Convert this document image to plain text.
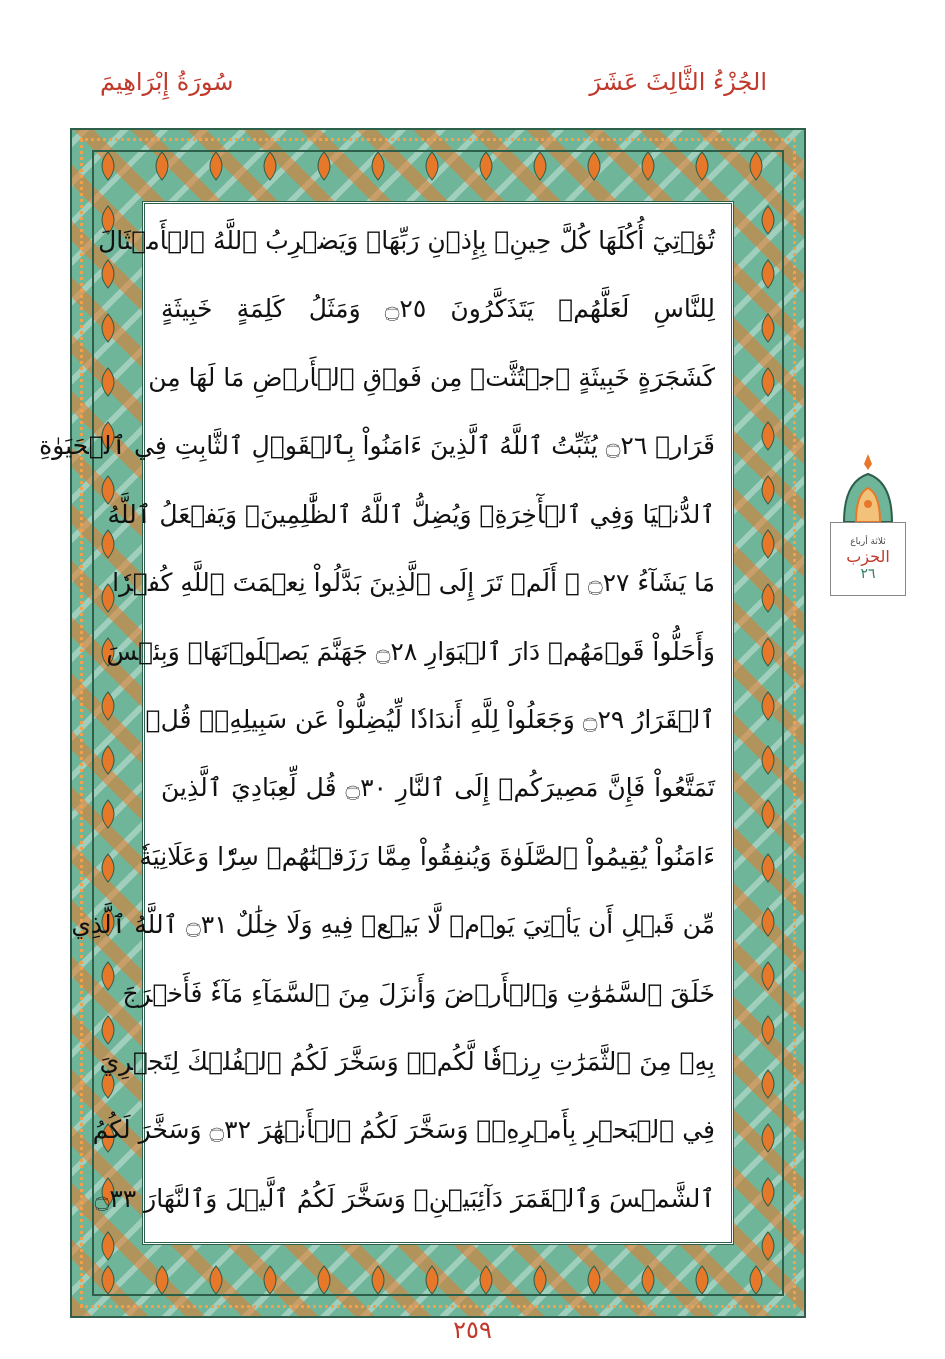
الجُزْءُ الثَّالِثَ عَشَرَ
سُورَةُ إِبْرَاهِيمَ
تُؤۡتِيٓ أُكُلَهَا كُلَّ حِينِۭ بِإِذۡنِ رَبِّهَاۗ وَيَضۡرِبُ ٱللَّهُ ٱلۡأَمۡثَالَ
لِلنَّاسِ لَعَلَّهُمۡ يَتَذَكَّرُونَ ۝٢٥ وَمَثَلُ كَلِمَةٍ خَبِيثَةٍ
كَشَجَرَةٍ خَبِيثَةٍ ٱجۡتُثَّتۡ مِن فَوۡقِ ٱلۡأَرۡضِ مَا لَهَا مِن
قَرَارٖ ۝٢٦ يُثَبِّتُ ٱللَّهُ ٱلَّذِينَ ءَامَنُواْ بِٱلۡقَوۡلِ ٱلثَّابِتِ فِي ٱلۡحَيَوٰةِ
ٱلدُّنۡيَا وَفِي ٱلۡأٓخِرَةِۖ وَيُضِلُّ ٱللَّهُ ٱلظَّٰلِمِينَۚ وَيَفۡعَلُ ٱللَّهُ
مَا يَشَآءُ ۝٢٧ ۞ أَلَمۡ تَرَ إِلَى ٱلَّذِينَ بَدَّلُواْ نِعۡمَتَ ٱللَّهِ كُفۡرٗا
وَأَحَلُّواْ قَوۡمَهُمۡ دَارَ ٱلۡبَوَارِ ۝٢٨ جَهَنَّمَ يَصۡلَوۡنَهَاۖ وَبِئۡسَ
ٱلۡقَرَارُ ۝٢٩ وَجَعَلُواْ لِلَّهِ أَندَادٗا لِّيُضِلُّواْ عَن سَبِيلِهِۦۗ قُلۡ
تَمَتَّعُواْ فَإِنَّ مَصِيرَكُمۡ إِلَى ٱلنَّارِ ۝٣٠ قُل لِّعِبَادِيَ ٱلَّذِينَ
ءَامَنُواْ يُقِيمُواْ ٱلصَّلَوٰةَ وَيُنفِقُواْ مِمَّا رَزَقۡنَٰهُمۡ سِرّٗا وَعَلَانِيَةٗ
مِّن قَبۡلِ أَن يَأۡتِيَ يَوۡمٞ لَّا بَيۡعٞ فِيهِ وَلَا خِلَٰلٌ ۝٣١ ٱللَّهُ ٱلَّذِي
خَلَقَ ٱلسَّمَٰوَٰتِ وَٱلۡأَرۡضَ وَأَنزَلَ مِنَ ٱلسَّمَآءِ مَآءٗ فَأَخۡرَجَ
بِهِۦ مِنَ ٱلثَّمَرَٰتِ رِزۡقٗا لَّكُمۡۖ وَسَخَّرَ لَكُمُ ٱلۡفُلۡكَ لِتَجۡرِيَ
فِي ٱلۡبَحۡرِ بِأَمۡرِهِۦۖ وَسَخَّرَ لَكُمُ ٱلۡأَنۡهَٰرَ ۝٣٢ وَسَخَّرَ لَكُمُ
ٱلشَّمۡسَ وَٱلۡقَمَرَ دَآئِبَيۡنِۖ وَسَخَّرَ لَكُمُ ٱلَّيۡلَ وَٱلنَّهَارَ ۝٣٣
ثلاثة أرباع
الحزب
٢٦
٢٥٩
